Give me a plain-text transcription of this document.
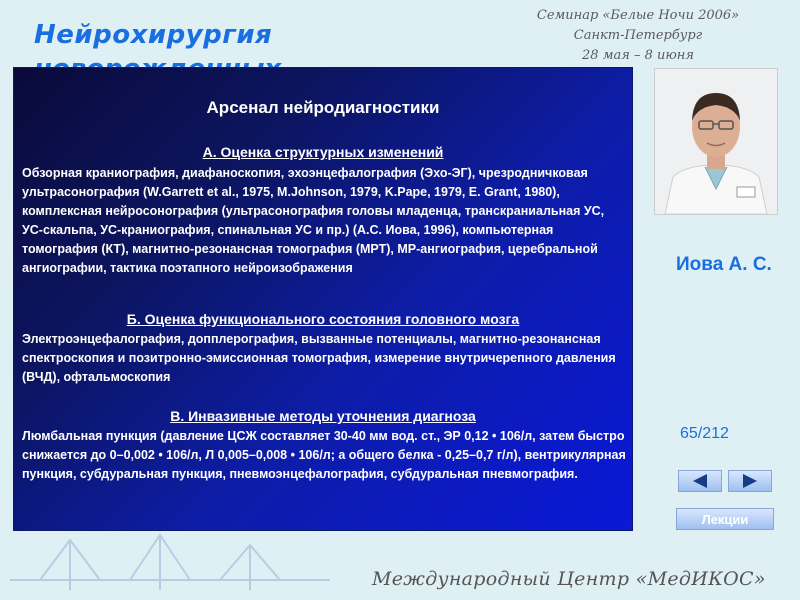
Нейрохирургия
Семинар «Белые Ночи 2006»
Санкт-Петербург
28 мая – 8 июня
Арсенал нейродиагностики
А. Оценка структурных изменений
Обзорная краниография, диафаноскопия, эхоэнцефалография (Эхо-ЭГ), чрезродничковая ультрасонография (W.Garrett et al., 1975, M.Johnson, 1979, K.Pape, 1979, E. Grant, 1980), комплексная нейросонография (ультрасонография головы младенца, транскраниальная УС, УС-скальпа, УС-краниография, спинальная УС и пр.) (А.С. Иова, 1996), компьютерная томография (КТ), магнитно-резонансная томография (МРТ), МР-ангиография, церебральной ангиографии, тактика поэтапного нейроизображения
Б. Оценка функционального состояния головного мозга
Электроэнцефалография, допплерография, вызванные потенциалы, магнитно-резонансная спектроскопия и позитронно-эмиссионная томография, измерение внутричерепного давления (ВЧД), офтальмоскопия
В. Инвазивные методы уточнения диагноза
Люмбальная пункция (давление ЦСЖ составляет 30-40 мм вод. ст., ЭР 0,12 • 106/л, затем быстро снижается до 0–0,002 • 106/л, Л 0,005–0,008 • 106/л; а общего белка - 0,25–0,7 г/л), вентрикулярная пункция, субдуральная пункция, пневмоэнцефалография, субдуральная пневмография.
Иова А. С.
65/212
Лекции
Международный Центр «МедИКОС»
